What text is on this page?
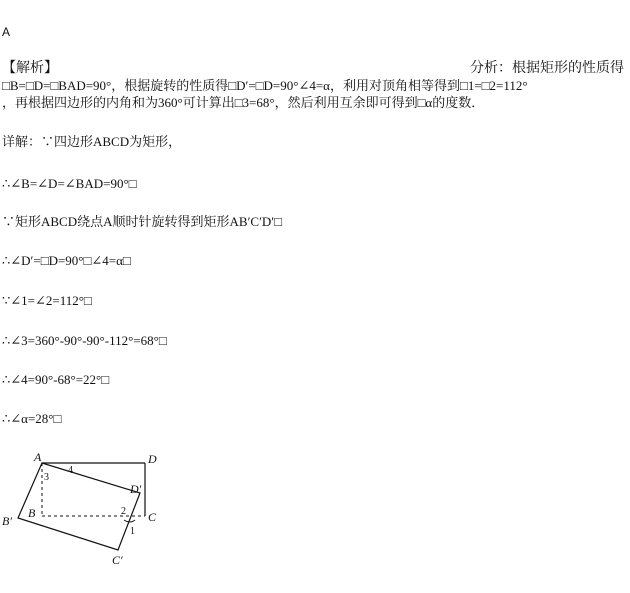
A
【解析】	分析：根据矩形的性质得
□B=□D=□BAD=90°，根据旋转的性质得□D′=□D=90°∠4=α，利用对顶角相等得到□1=□2=112°
，再根据四边形的内角和为360°可计算出□3=68°，然后利用互余即可得到□α的度数．
详解：∵四边形ABCD为矩形，
∴∠B=∠D=∠BAD=90°□
∵矩形ABCD绕点A顺时针旋转得到矩形AB′C′D′□
∴∠D′=□D=90°□∠4=α□
∵∠1=∠2=112°□
∴∠3=360°-90°-90°-112°=68°□
∴∠4=90°-68°=22°□
∴∠α=28°□
A	D
B	C
B′
C′
D′
1
2
3
4
